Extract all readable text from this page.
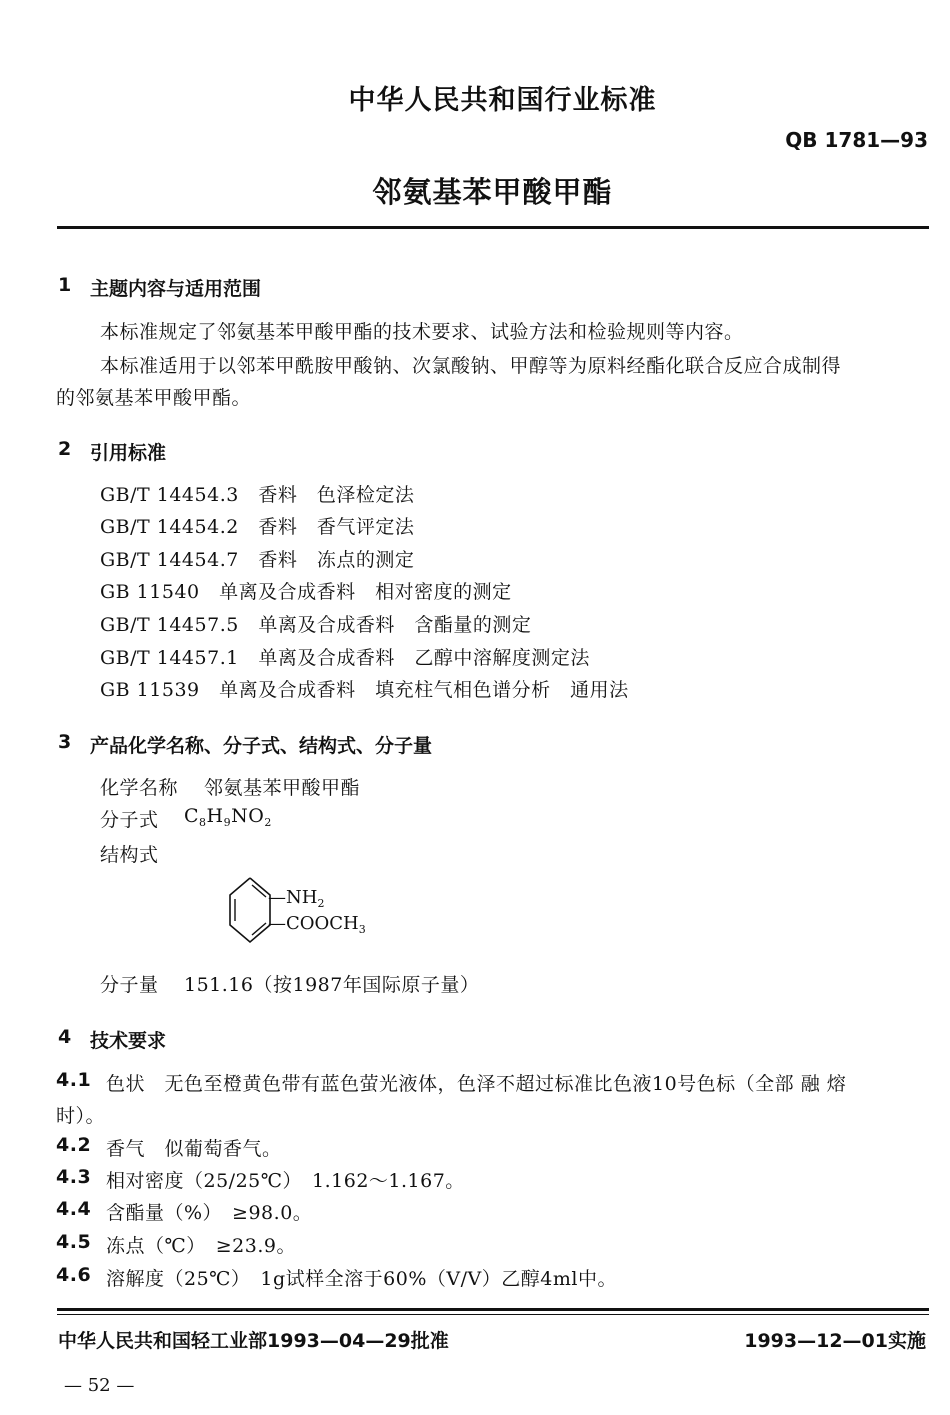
中华人民共和国行业标准
QB 1781—93
邻氨基苯甲酸甲酯
1 主题内容与适用范围
本标准规定了邻氨基苯甲酸甲酯的技术要求、试验方法和检验规则等内容。
本标准适用于以邻苯甲酰胺甲酸钠、次氯酸钠、甲醇等为原料经酯化联合反应合成制得
的邻氨基苯甲酸甲酯。
2 引用标准
GB/T 14454.3　香料　色泽检定法
GB/T 14454.2　香料　香气评定法
GB/T 14454.7　香料　冻点的测定
GB 11540　单离及合成香料　相对密度的测定
GB/T 14457.5　单离及合成香料　含酯量的测定
GB/T 14457.1　单离及合成香料　乙醇中溶解度测定法
GB 11539　单离及合成香料　填充柱气相色谱分析　通用法
3 产品化学名称、分子式、结构式、分子量
化学名称 邻氨基苯甲酸甲酯
分子式 $C_8H_9NO_2$
结构式
$—NH_2$
$—COOCH_3$
分子量 151.16（按1987年国际原子量）
4 技术要求
4.1 色状　无色至橙黄色带有蓝色萤光液体，色泽不超过标准比色液10号色标（全部 融 熔
时）。
4.2 香气　似葡萄香气。
4.3 相对密度（25/25℃）　1.162～1.167。
4.4 含酯量（%）　≥98.0。
4.5 冻点（℃）　≥23.9。
4.6 溶解度（25℃）　1g试样全溶于60%（V/V）乙醇4ml中。
中华人民共和国轻工业部1993—04—29批准	1993—12—01实施
— 52 —
